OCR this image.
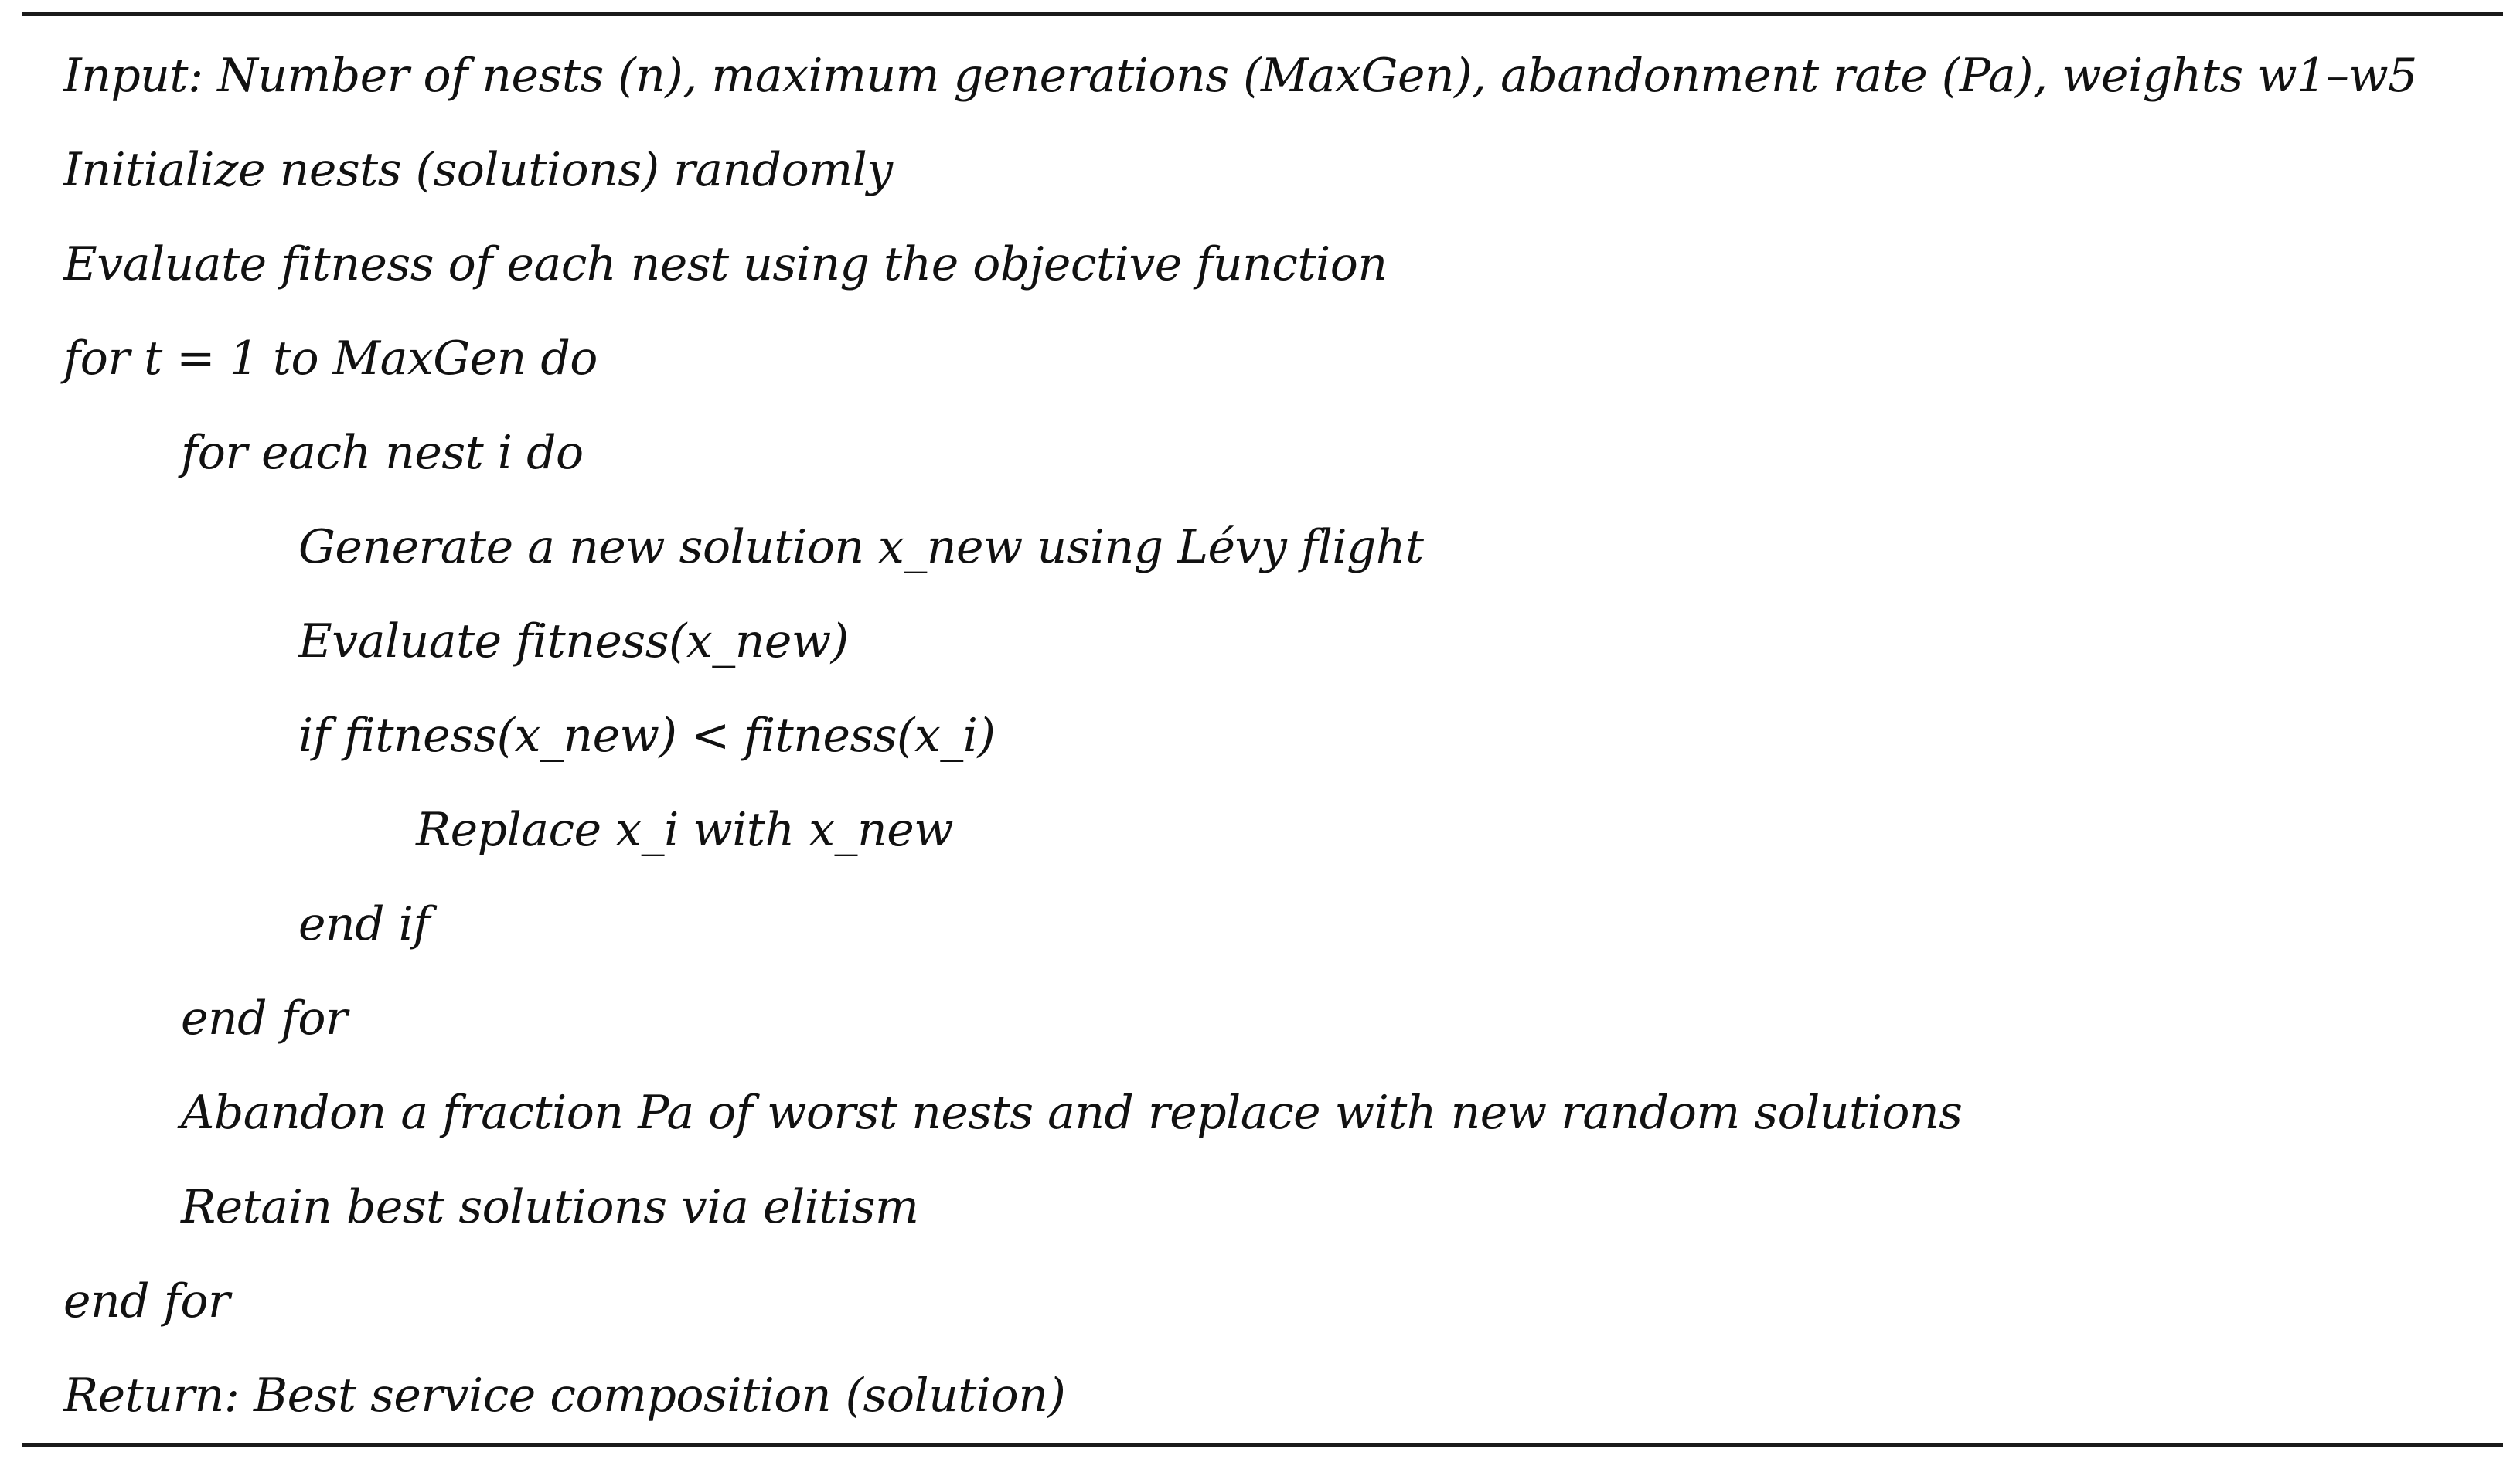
Input: Number of nests (n), maximum generations (MaxGen), abandonment rate (Pa), weights w1–w5
Initialize nests (solutions) randomly
Evaluate fitness of each nest using the objective function
for t = 1 to MaxGen do
for each nest i do
Generate a new solution x_new using Lévy flight
Evaluate fitness(x_new)
if fitness(x_new) < fitness(x_i)
Replace x_i with x_new
end if
end for
Abandon a fraction Pa of worst nests and replace with new random solutions
Retain best solutions via elitism
end for
Return: Best service composition (solution)
